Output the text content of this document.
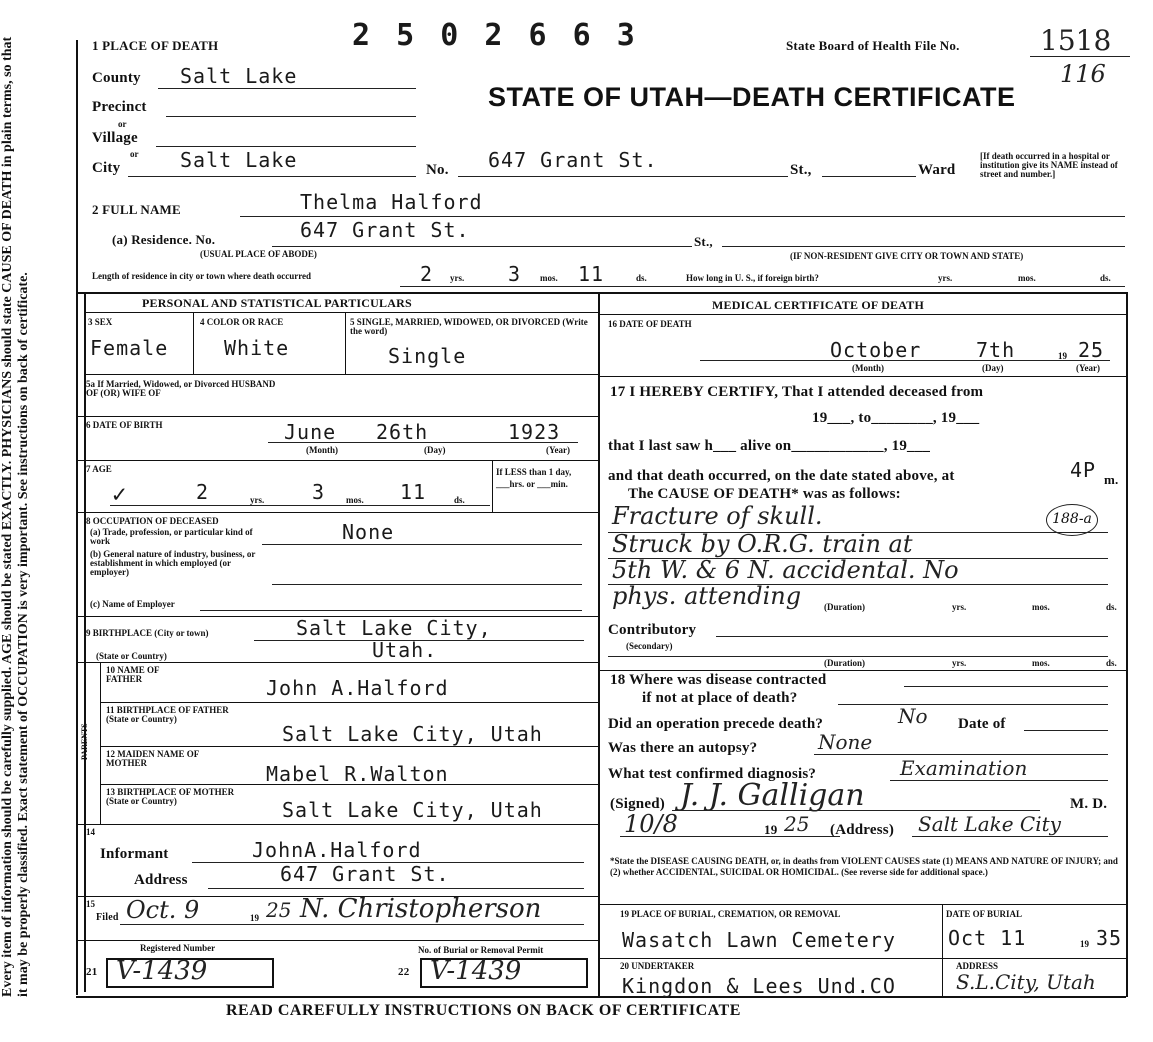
Every item of information should be carefully supplied. AGE should be stated EXACTLY. PHYSICIANS should state CAUSE OF DEATH in plain terms, so that it may be properly classified. Exact statement of OCCUPATION is very important. See instructions on back of certificate.
1 PLACE OF DEATH	2 5 0 2 6 6 3	State Board of Health File No.	1518
116
STATE OF UTAH—DEATH CERTIFICATE
County Salt Lake
Precinct
or
Village
or
City	Salt Lake	No. 647 Grant St.	St.,	Ward
[If death occurred in a hospital or institution give its NAME instead of street and number.]
2 FULL NAME	Thelma Halford
(a) Residence. No.	647 Grant St.	St.,
(USUAL PLACE OF ABODE)	(IF NON-RESIDENT GIVE CITY OR TOWN AND STATE)
Length of residence in city or town where death occurred	2 yrs. 3 mos. 11	ds.	How long in U. S., if foreign birth?	yrs.	mos.	ds.
PERSONAL AND STATISTICAL PARTICULARS
3 SEX
Female
4 COLOR OR RACE
White
5 SINGLE, MARRIED, WIDOWED, OR DIVORCED (Write the word)
Single
5a If Married, Widowed, or Divorced HUSBAND OF (OR) WIFE OF
6 DATE OF BIRTH	June 26th	1923
(Month)	(Day)	(Year)
7 AGE
✓	2	yrs. 3 mos. 11	ds.
If LESS than 1 day, ___hrs. or ___min.
8 OCCUPATION OF DECEASED	None
(a) Trade, profession, or particular kind of work
(b) General nature of industry, business, or establishment in which employed (or employer)
(c) Name of Employer
9 BIRTHPLACE (City or town)	Salt Lake City,
(State or Country)	Utah.
PARENTS
10 NAME OF FATHER	John A.Halford
11 BIRTHPLACE OF FATHER (State or Country)
Salt Lake City, Utah
12 MAIDEN NAME OF MOTHER	Mabel R.Walton
13 BIRTHPLACE OF MOTHER (State or Country)	Salt Lake City, Utah
14
Informant	JohnA.Halford
Address	647 Grant St.
15
Filed Oct. 9	19 25 N. Christopherson
Registered Number	No. of Burial or Removal Permit
21 V-1439	22 V-1439
MEDICAL CERTIFICATE OF DEATH
16 DATE OF DEATH
October	7th	19 25
(Month)	(Day)	(Year)
17 I HEREBY CERTIFY, That I attended deceased from
19___, to________, 19___
that I last saw h___ alive on____________, 19___
and that death occurred, on the date stated above, at	4P m.
The CAUSE OF DEATH* was as follows:
Fracture of skull.	188-a
Struck by O.R.G. train at
5th W. & 6 N. accidental. No
phys. attending	(Duration)	yrs.	mos.	ds.
Contributory
(Secondary)
(Duration)	yrs.	mos.	ds.
18 Where was disease contracted
if not at place of death?
Did an operation precede death?	No Date of
Was there an autopsy?	None
What test confirmed diagnosis?	Examination
(Signed) J. J. Galligan	M. D.
10/8	19 25 (Address) Salt Lake City
*State the DISEASE CAUSING DEATH, or, in deaths from VIOLENT CAUSES state (1) MEANS AND NATURE OF INJURY; and (2) whether ACCIDENTAL, SUICIDAL OR HOMICIDAL. (See reverse side for additional space.)
19 PLACE OF BURIAL, CREMATION, OR REMOVAL
Wasatch Lawn Cemetery
DATE OF BURIAL
Oct 11	19 35
20 UNDERTAKER
Kingdon & Lees Und.CO
ADDRESS
S.L.City, Utah
READ CAREFULLY INSTRUCTIONS ON BACK OF CERTIFICATE
